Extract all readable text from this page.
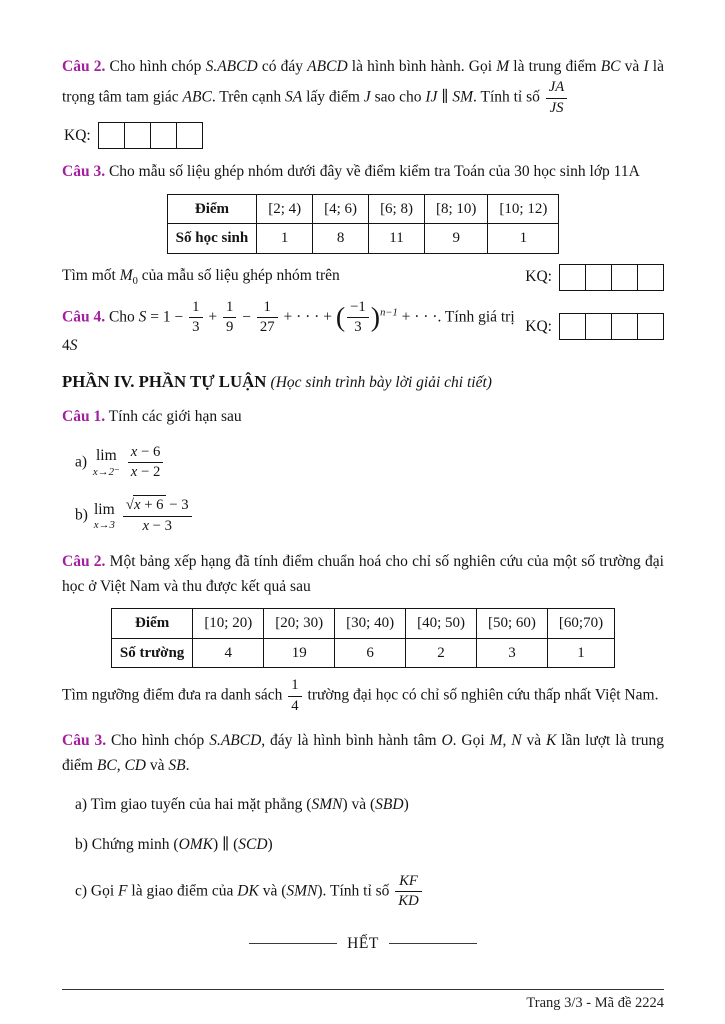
Câu 2. Cho hình chóp S.ABCD có đáy ABCD là hình bình hành. Gọi M là trung điểm BC và I là trọng tâm tam giác ABC. Trên cạnh SA lấy điểm J sao cho IJ ∥ SM. Tính tỉ số $\frac{JA}{JS}$

KQ:

Câu 3. Cho mẫu số liệu ghép nhóm dưới đây về điểm kiểm tra Toán của 30 học sinh lớp 11A

Điểm	[2; 4)	[4; 6)	[6; 8)	[8; 10)	[10; 12)
Số học sinh	1	8	11	9	1
Tìm mốt $M_0$ của mẫu số liệu ghép nhóm trên	KQ:
Câu 4. Cho $S = 1 - \frac{1}{3} + \frac{1}{9} - \frac{1}{27}$ + · · · + ( $\frac{-1}{3} )^{n-1}$ + · · ·. Tính giá trị 4S
KQ:
PHẦN IV. PHẦN TỰ LUẬN (Học sinh trình bày lời giải chi tiết)

Câu 1. Tính các giới hạn sau

a) lim
$x\to 2^- \frac{x - 6}{x - 2}$
b) lim
$x\to 3 \frac{√x + 6 - 3}{x - 3}$

Câu 2. Một bảng xếp hạng đã tính điểm chuẩn hoá cho chỉ số nghiên cứu của một số trường đại học ở Việt Nam và thu được kết quả sau

Điểm	[10; 20)	[20; 30)	[30; 40)	[40; 50)	[50; 60)	[60;70)
Số trường	4	19	6	2	3	1

Tìm ngưỡng điểm đưa ra danh sách $\frac{1}{4}$ trường đại học có chỉ số nghiên cứu thấp nhất Việt Nam.

Câu 3. Cho hình chóp S.ABCD, đáy là hình bình hành tâm O. Gọi M, N và K lần lượt là trung điểm BC, CD và SB.

a) Tìm giao tuyến của hai mặt phẳng (SMN) và (SBD)
b) Chứng minh (OMK) ∥ (SCD)
c) Gọi F là giao điểm của DK và (SMN). Tính tỉ số $\frac{KF}{KD}$
HẾT
Trang 3/3 - Mã đề 2224
